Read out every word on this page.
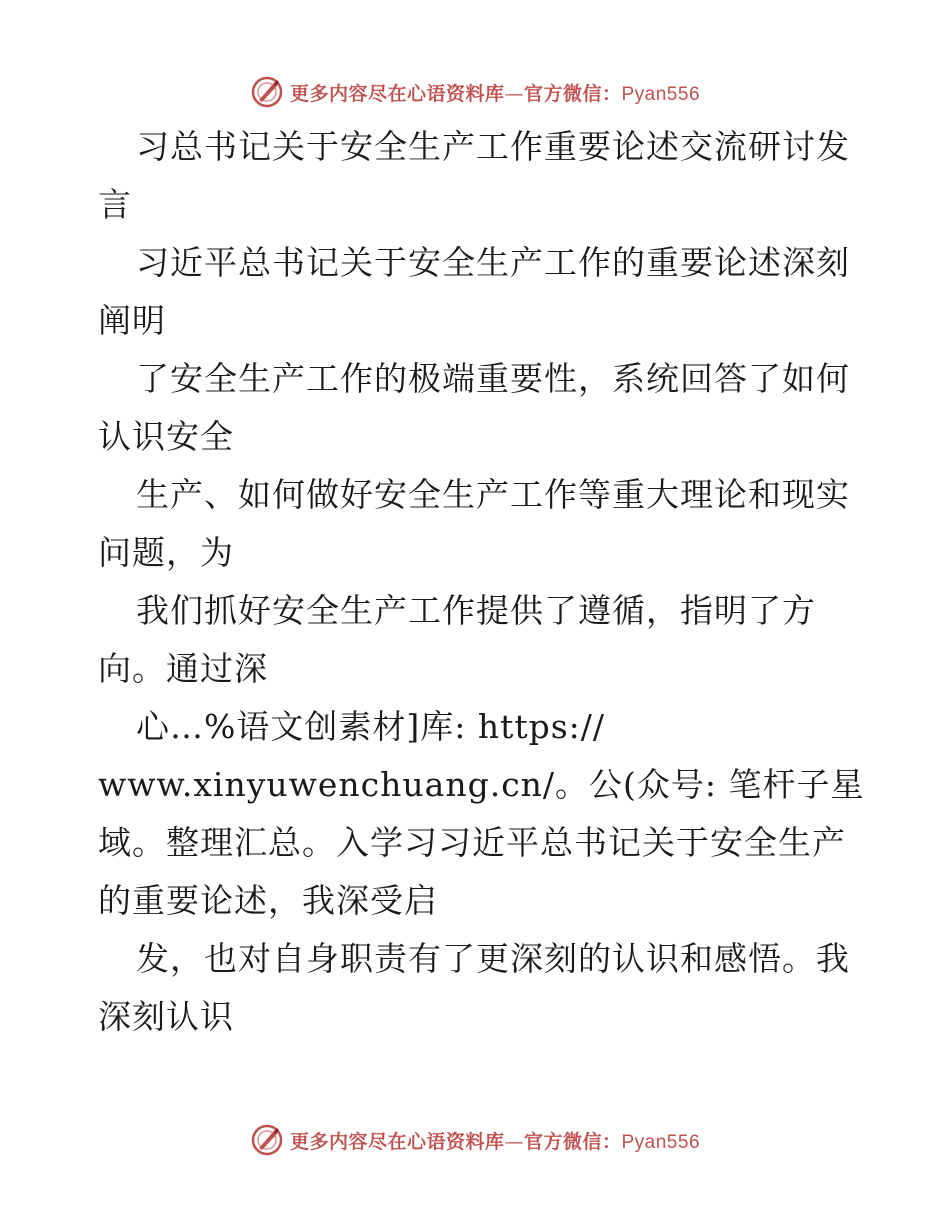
更多内容尽在心语资料库—官方微信：Pyan556
习总书记关于安全生产工作重要论述交流研讨发
言
习近平总书记关于安全生产工作的重要论述深刻
阐明
了安全生产工作的极端重要性，系统回答了如何
认识安全
生产、如何做好安全生产工作等重大理论和现实
问题，为
我们抓好安全生产工作提供了遵循，指明了方
向。通过深
心…%语文创素材]库: https://
www.xinyuwenchuang.cn/。公(众号: 笔杆子星
域。整理汇总。入学习习近平总书记关于安全生产
的重要论述，我深受启
发，也对自身职责有了更深刻的认识和感悟。我
深刻认识
更多内容尽在心语资料库—官方微信：Pyan556
